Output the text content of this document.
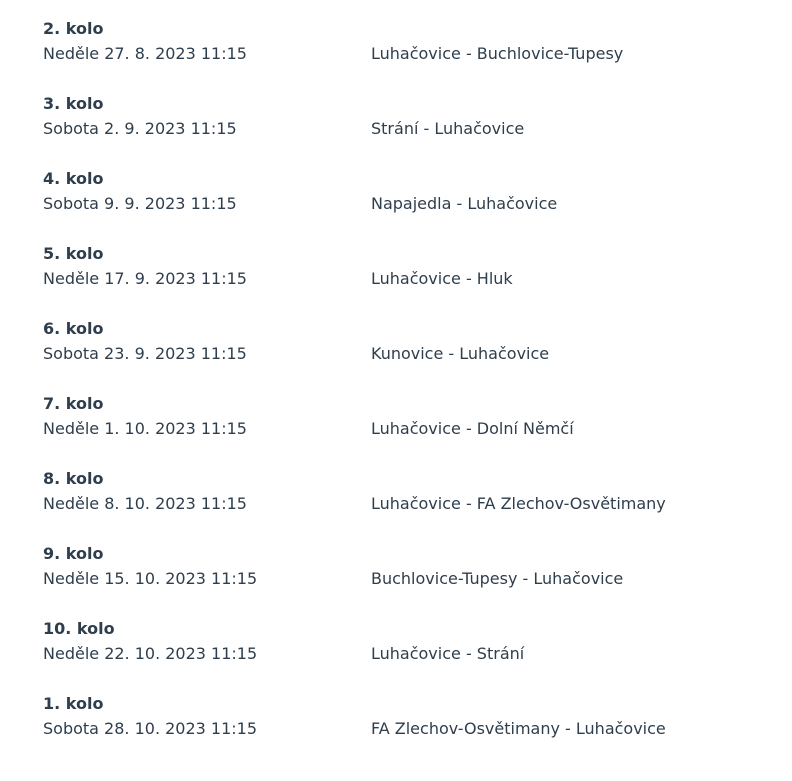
2. kolo
Neděle 27. 8. 2023 11:15	Luhačovice - Buchlovice-Tupesy
3. kolo
Sobota 2. 9. 2023 11:15	Strání - Luhačovice
4. kolo
Sobota 9. 9. 2023 11:15	Napajedla - Luhačovice
5. kolo
Neděle 17. 9. 2023 11:15	Luhačovice - Hluk
6. kolo
Sobota 23. 9. 2023 11:15	Kunovice - Luhačovice
7. kolo
Neděle 1. 10. 2023 11:15	Luhačovice - Dolní Němčí
8. kolo
Neděle 8. 10. 2023 11:15	Luhačovice - FA Zlechov-Osvětimany
9. kolo
Neděle 15. 10. 2023 11:15	Buchlovice-Tupesy - Luhačovice
10. kolo
Neděle 22. 10. 2023 11:15	Luhačovice - Strání
1. kolo
Sobota 28. 10. 2023 11:15	FA Zlechov-Osvětimany - Luhačovice
